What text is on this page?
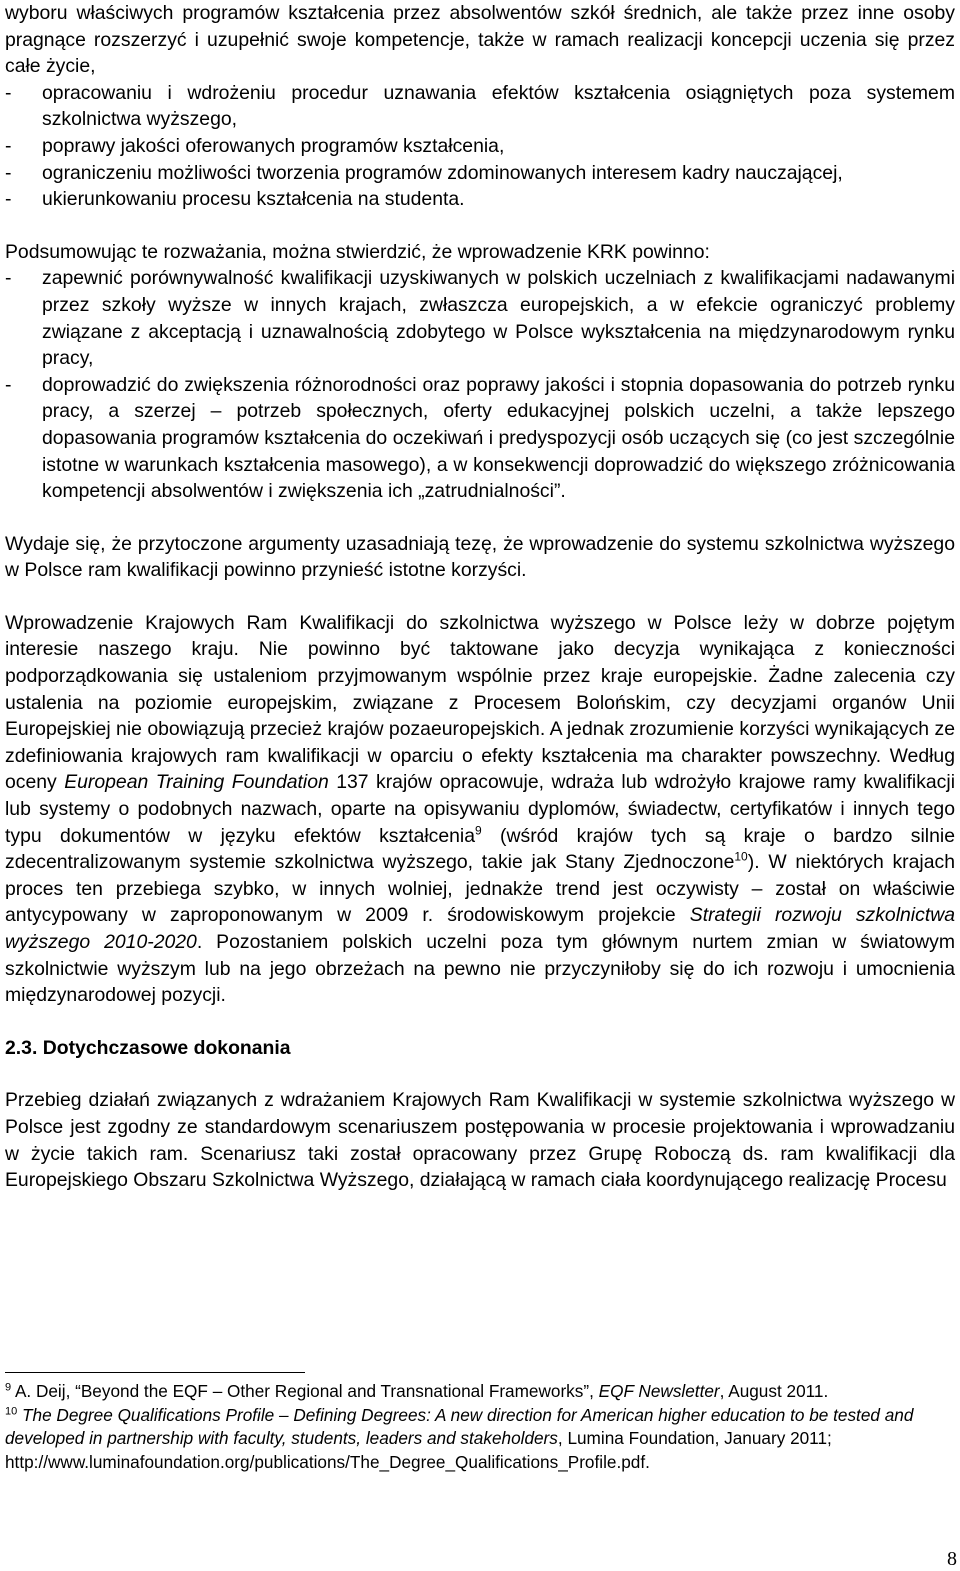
wyboru właściwych programów kształcenia przez absolwentów szkół średnich, ale także przez inne osoby pragnące rozszerzyć i uzupełnić swoje kompetencje, także w ramach realizacji koncepcji uczenia się przez całe życie,

- opracowaniu i wdrożeniu procedur uznawania efektów kształcenia osiągniętych poza systemem szkolnictwa wyższego,
- poprawy jakości oferowanych programów kształcenia,
- ograniczeniu możliwości tworzenia programów zdominowanych interesem kadry nauczającej,
- ukierunkowaniu procesu kształcenia na studenta.

Podsumowując te rozważania, można stwierdzić, że wprowadzenie KRK powinno:

- zapewnić porównywalność kwalifikacji uzyskiwanych w polskich uczelniach z kwalifikacjami nadawanymi przez szkoły wyższe w innych krajach, zwłaszcza europejskich, a w efekcie ograniczyć problemy związane z akceptacją i uznawalnością zdobytego w Polsce wykształcenia na międzynarodowym rynku pracy,
- doprowadzić do zwiększenia różnorodności oraz poprawy jakości i stopnia dopasowania do potrzeb rynku pracy, a szerzej – potrzeb społecznych, oferty edukacyjnej polskich uczelni, a także lepszego dopasowania programów kształcenia do oczekiwań i predyspozycji osób uczących się (co jest szczególnie istotne w warunkach kształcenia masowego), a w konsekwencji doprowadzić do większego zróżnicowania kompetencji absolwentów i zwiększenia ich „zatrudnialności”.

Wydaje się, że przytoczone argumenty uzasadniają tezę, że wprowadzenie do systemu szkolnictwa wyższego w Polsce ram kwalifikacji powinno przynieść istotne korzyści.

Wprowadzenie Krajowych Ram Kwalifikacji do szkolnictwa wyższego w Polsce leży w dobrze pojętym interesie naszego kraju. Nie powinno być taktowane jako decyzja wynikająca z konieczności podporządkowania się ustaleniom przyjmowanym wspólnie przez kraje europejskie. Żadne zalecenia czy ustalenia na poziomie europejskim, związane z Procesem Bolońskim, czy decyzjami organów Unii Europejskiej nie obowiązują przecież krajów pozaeuropejskich. A jednak zrozumienie korzyści wynikających ze zdefiniowania krajowych ram kwalifikacji w oparciu o efekty kształcenia ma charakter powszechny. Według oceny European Training Foundation 137 krajów opracowuje, wdraża lub wdrożyło krajowe ramy kwalifikacji lub systemy o podobnych nazwach, oparte na opisywaniu dyplomów, świadectw, certyfikatów i innych tego typu dokumentów w języku efektów kształcenia$^9$ (wśród krajów tych są kraje o bardzo silnie zdecentralizowanym systemie szkolnictwa wyższego, takie jak Stany Zjednoczone$^{10}$). W niektórych krajach proces ten przebiega szybko, w innych wolniej, jednakże trend jest oczywisty – został on właściwie antycypowany w zaproponowanym w 2009 r. środowiskowym projekcie Strategii rozwoju szkolnictwa wyższego 2010-2020. Pozostaniem polskich uczelni poza tym głównym nurtem zmian w światowym szkolnictwie wyższym lub na jego obrzeżach na pewno nie przyczyniłoby się do ich rozwoju i umocnienia międzynarodowej pozycji.

2.3. Dotychczasowe dokonania

Przebieg działań związanych z wdrażaniem Krajowych Ram Kwalifikacji w systemie szkolnictwa wyższego w Polsce jest zgodny ze standardowym scenariuszem postępowania w procesie projektowania i wprowadzaniu w życie takich ram. Scenariusz taki został opracowany przez Grupę Roboczą ds. ram kwalifikacji dla Europejskiego Obszaru Szkolnictwa Wyższego, działającą w ramach ciała koordynującego realizację Procesu

$^9$ A. Deij, “Beyond the EQF – Other Regional and Transnational Frameworks”, EQF Newsletter, August 2011.

$^{10}$ The Degree Qualifications Profile – Defining Degrees: A new direction for American higher education to be tested and developed in partnership with faculty, students, leaders and stakeholders, Lumina Foundation, January 2011;

http://www.luminafoundation.org/publications/The_Degree_Qualifications_Profile.pdf.

8
